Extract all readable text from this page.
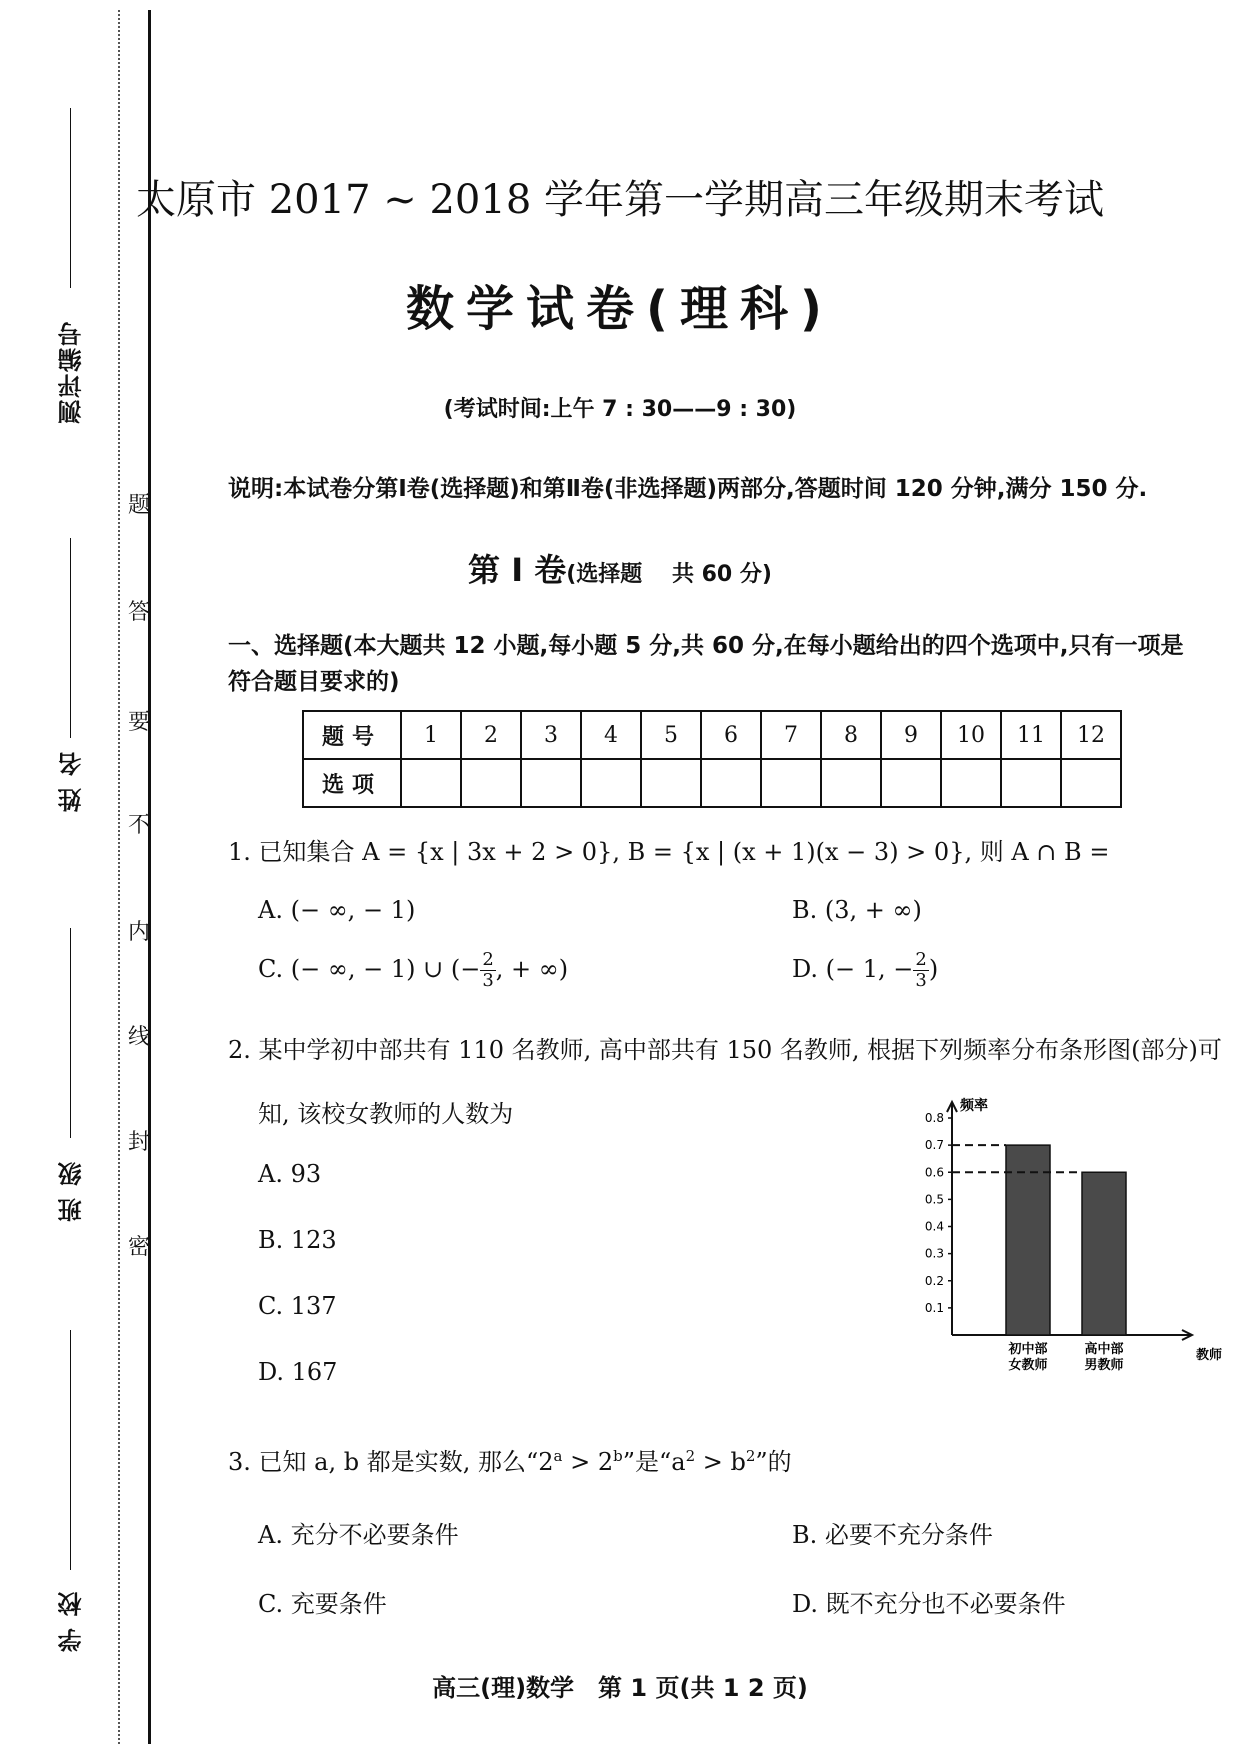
测评编号
姓 名
班 级
学 校
题
答
要
不
内
线
封
密
太原市 2017 ~ 2018 学年第一学期高三年级期末考试
数学试卷(理科)
(考试时间:上午 7 : 30——9 : 30)
说明:本试卷分第Ⅰ卷(选择题)和第Ⅱ卷(非选择题)两部分,答题时间 120 分钟,满分 150 分.
第 Ⅰ 卷(选择题　 共 60 分)
一、选择题(本大题共 12 小题,每小题 5 分,共 60 分,在每小题给出的四个选项中,只有一项是符合题目要求的)
题号	1	2	3	4	5	6	7	8	9	10	11	12
选项												
1. 已知集合 A = {x | 3x + 2 > 0}, B = {x | (x + 1)(x − 3) > 0}, 则 A ∩ B =
A. (− ∞, − 1)	B. (3, + ∞)
C. (− ∞, − 1) ∪ (− $\frac{2}{3}$ , + ∞)	D. (− 1, − $\frac{2}{3}$ )
2. 某中学初中部共有 110 名教师, 高中部共有 150 名教师, 根据下列频率分布条形图(部分)可
知, 该校女教师的人数为
A. 93
B. 123
C. 137
D. 167
频率
教师
0.8
0.7
0.6
0.5
0.4
0.3
0.2
0.1
初中部
女教师
高中部
男教师
3. 已知 a, b 都是实数, 那么“$2^a > 2^b$”是“$a^2 > b^2$”的
A. 充分不必要条件	B. 必要不充分条件
C. 充要条件	D. 既不充分也不必要条件
高三(理)数学　第 1 页(共 1 2 页)
